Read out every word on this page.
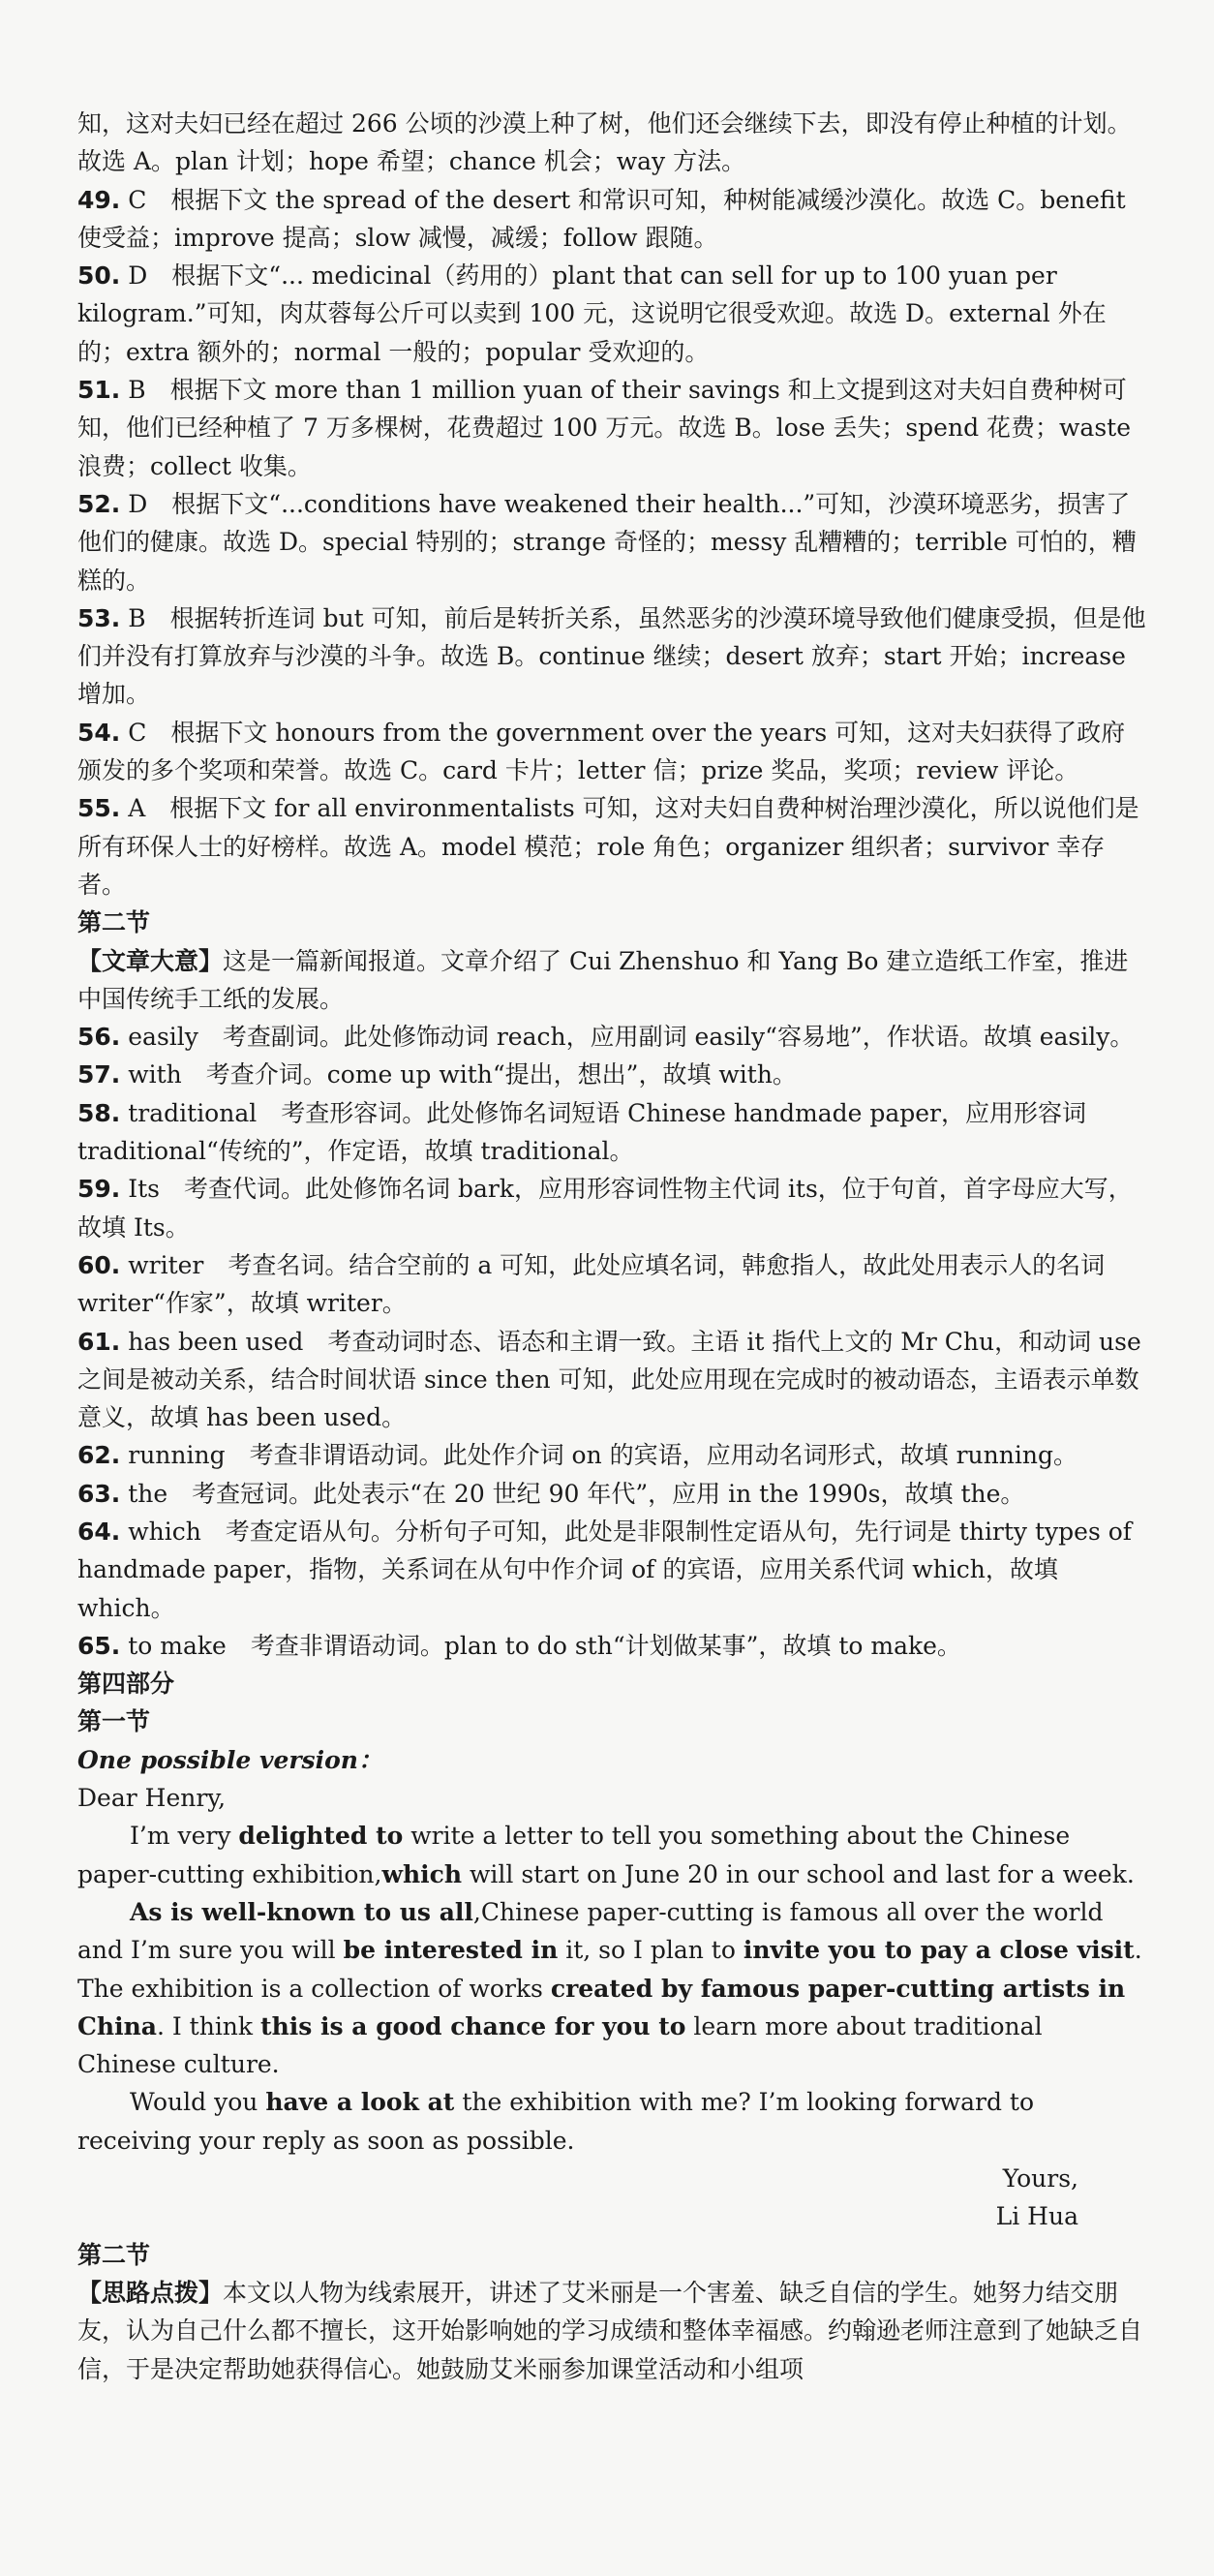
知，这对夫妇已经在超过 266 公顷的沙漠上种了树，他们还会继续下去，即没有停止种植的计划。故选 A。plan 计划；hope 希望；chance 机会；way 方法。

49. C　根据下文 the spread of the desert 和常识可知，种树能减缓沙漠化。故选 C。benefit 使受益；improve 提高；slow 减慢，减缓；follow 跟随。

50. D　根据下文“... medicinal（药用的）plant that can sell for up to 100 yuan per kilogram.”可知，肉苁蓉每公斤可以卖到 100 元，这说明它很受欢迎。故选 D。external 外在的；extra 额外的；normal 一般的；popular 受欢迎的。

51. B　根据下文 more than 1 million yuan of their savings 和上文提到这对夫妇自费种树可知，他们已经种植了 7 万多棵树，花费超过 100 万元。故选 B。lose 丢失；spend 花费；waste 浪费；collect 收集。

52. D　根据下文“...conditions have weakened their health...”可知，沙漠环境恶劣，损害了他们的健康。故选 D。special 特别的；strange 奇怪的；messy 乱糟糟的；terrible 可怕的，糟糕的。

53. B　根据转折连词 but 可知，前后是转折关系，虽然恶劣的沙漠环境导致他们健康受损，但是他们并没有打算放弃与沙漠的斗争。故选 B。continue 继续；desert 放弃；start 开始；increase 增加。

54. C　根据下文 honours from the government over the years 可知，这对夫妇获得了政府颁发的多个奖项和荣誉。故选 C。card 卡片；letter 信；prize 奖品，奖项；review 评论。

55. A　根据下文 for all environmentalists 可知，这对夫妇自费种树治理沙漠化，所以说他们是所有环保人士的好榜样。故选 A。model 模范；role 角色；organizer 组织者；survivor 幸存者。

第二节

【文章大意】这是一篇新闻报道。文章介绍了 Cui Zhenshuo 和 Yang Bo 建立造纸工作室，推进中国传统手工纸的发展。

56. easily　考查副词。此处修饰动词 reach，应用副词 easily“容易地”，作状语。故填 easily。

57. with　考查介词。come up with“提出，想出”，故填 with。

58. traditional　考查形容词。此处修饰名词短语 Chinese handmade paper，应用形容词 traditional“传统的”，作定语，故填 traditional。

59. Its　考查代词。此处修饰名词 bark，应用形容词性物主代词 its，位于句首，首字母应大写，故填 Its。

60. writer　考查名词。结合空前的 a 可知，此处应填名词，韩愈指人，故此处用表示人的名词 writer“作家”，故填 writer。

61. has been used　考查动词时态、语态和主谓一致。主语 it 指代上文的 Mr Chu，和动词 use 之间是被动关系，结合时间状语 since then 可知，此处应用现在完成时的被动语态，主语表示单数意义，故填 has been used。

62. running　考查非谓语动词。此处作介词 on 的宾语，应用动名词形式，故填 running。

63. the　考查冠词。此处表示“在 20 世纪 90 年代”，应用 in the 1990s，故填 the。

64. which　考查定语从句。分析句子可知，此处是非限制性定语从句，先行词是 thirty types of handmade paper，指物，关系词在从句中作介词 of 的宾语，应用关系代词 which，故填 which。

65. to make　考查非谓语动词。plan to do sth“计划做某事”，故填 to make。

第四部分

第一节

One possible version：

Dear Henry,

I’m very delighted to write a letter to tell you something about the Chinese paper-cutting exhibition,which will start on June 20 in our school and last for a week.

As is well-known to us all,Chinese paper-cutting is famous all over the world and I’m sure you will be interested in it, so I plan to invite you to pay a close visit. The exhibition is a collection of works created by famous paper-cutting artists in China. I think this is a good chance for you to learn more about traditional Chinese culture.

Would you have a look at the exhibition with me? I’m looking forward to receiving your reply as soon as possible.

Yours,

Li Hua

第二节

【思路点拨】本文以人物为线索展开，讲述了艾米丽是一个害羞、缺乏自信的学生。她努力结交朋友，认为自己什么都不擅长，这开始影响她的学习成绩和整体幸福感。约翰逊老师注意到了她缺乏自信，于是决定帮助她获得信心。她鼓励艾米丽参加课堂活动和小组项
